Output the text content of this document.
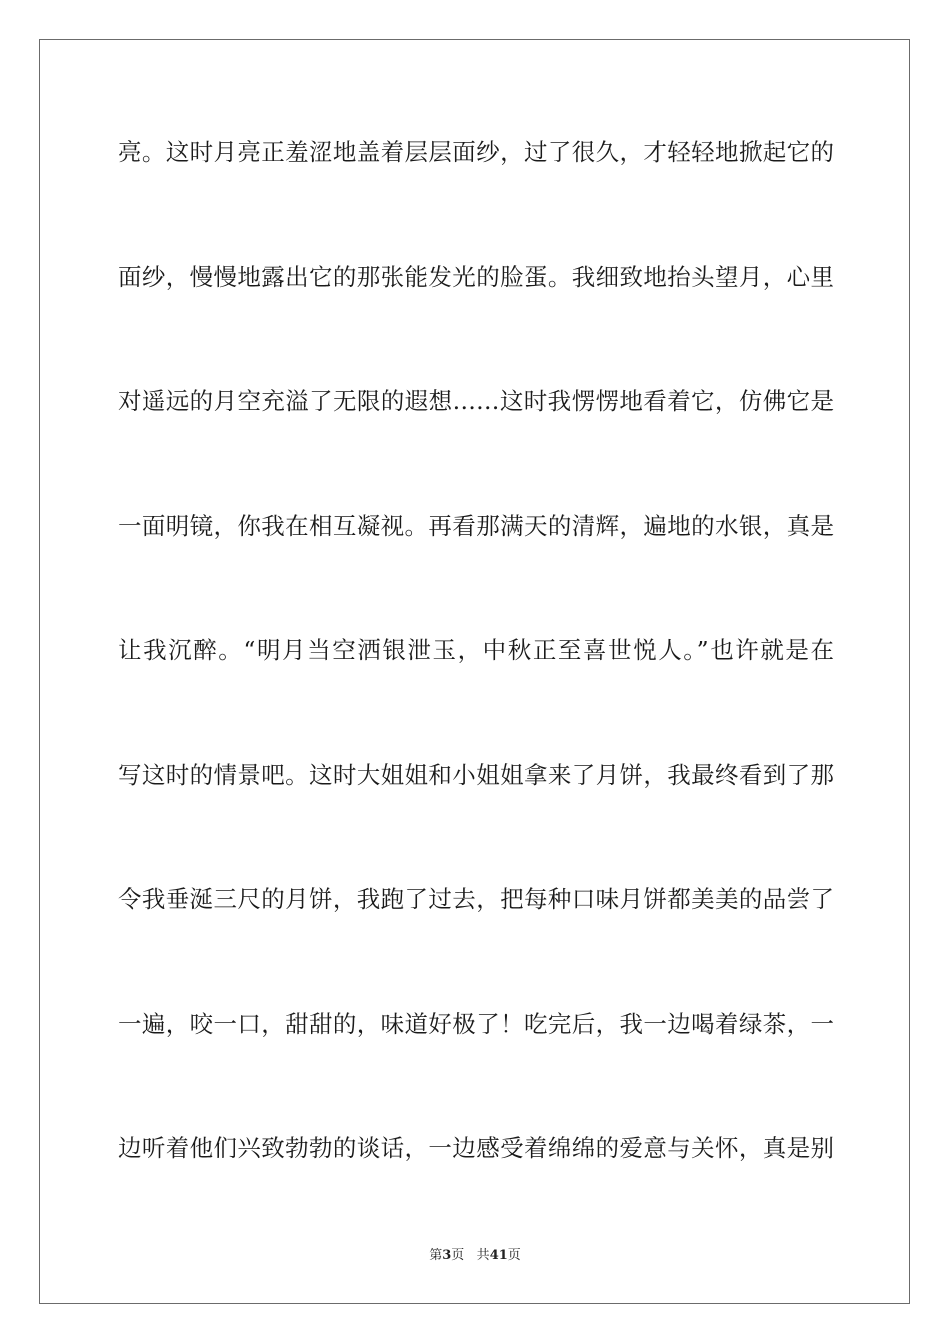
亮。这时月亮正羞涩地盖着层层面纱，过了很久，才轻轻地掀起它的
面纱，慢慢地露出它的那张能发光的脸蛋。我细致地抬头望月，心里
对遥远的月空充溢了无限的遐想……这时我愣愣地看着它，仿佛它是
一面明镜，你我在相互凝视。再看那满天的清辉，遍地的水银，真是
让我沉醉。“明月当空洒银泄玉，中秋正至喜世悦人。”也许就是在
写这时的情景吧。这时大姐姐和小姐姐拿来了月饼，我最终看到了那
令我垂涎三尺的月饼，我跑了过去，把每种口味月饼都美美的品尝了
一遍，咬一口，甜甜的，味道好极了！吃完后，我一边喝着绿茶，一
边听着他们兴致勃勃的谈话，一边感受着绵绵的爱意与关怀，真是别
第3页 共41页
